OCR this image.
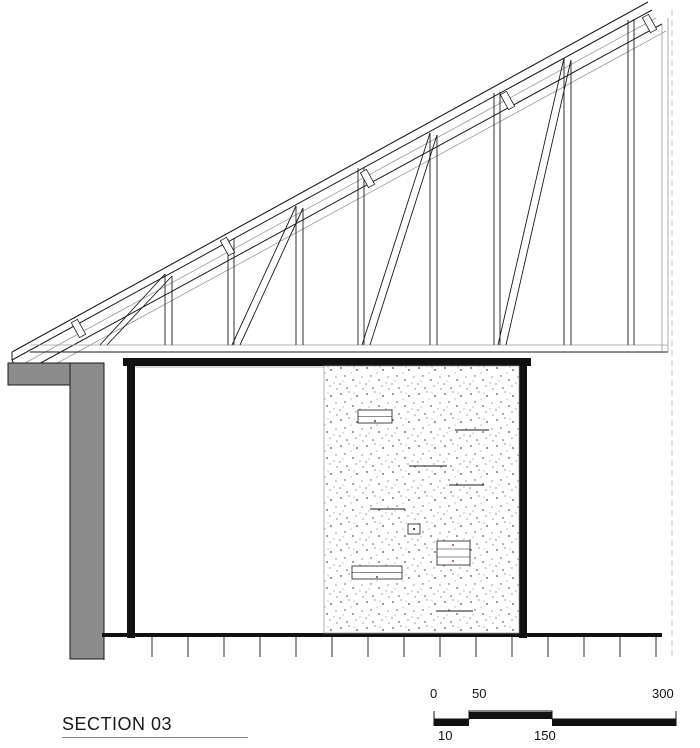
0	50	300
10	150
SECTION 03
